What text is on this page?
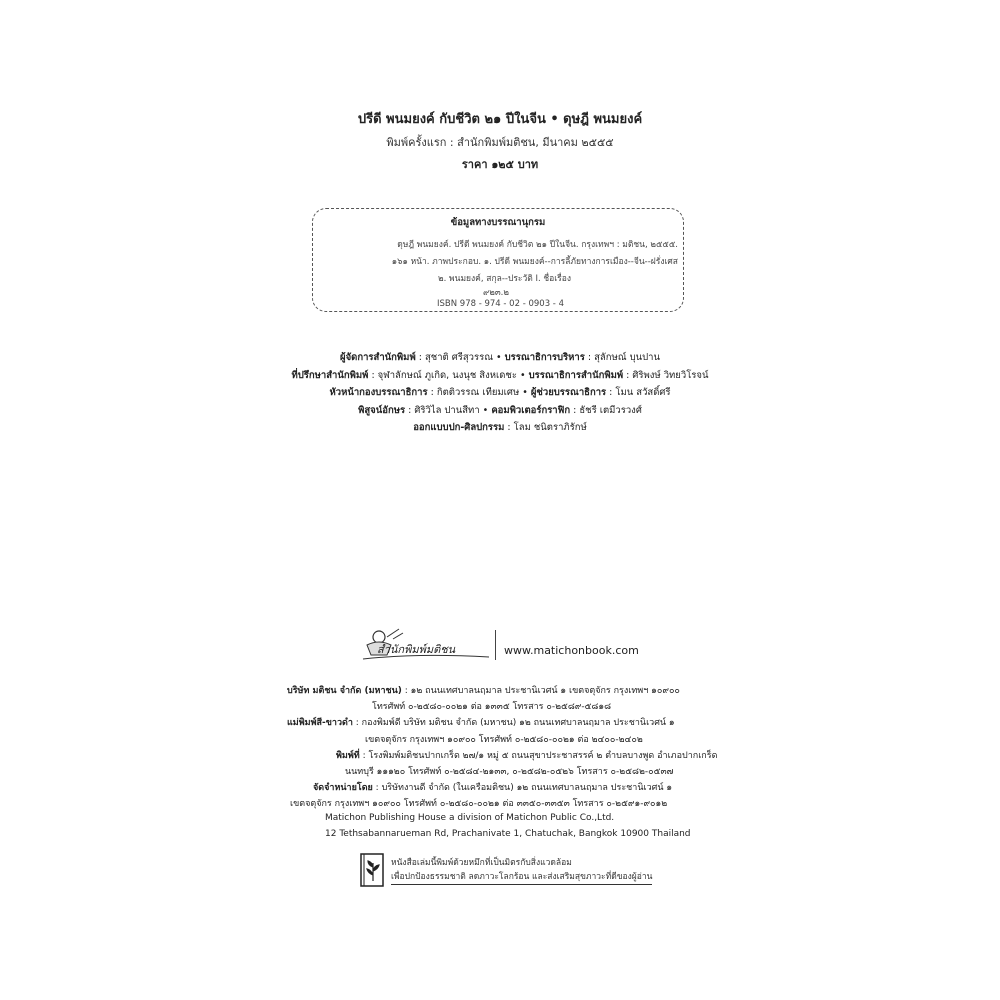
ปรีดี พนมยงค์ กับชีวิต ๒๑ ปีในจีน • ดุษฎี พนมยงค์
พิมพ์ครั้งแรก : สำนักพิมพ์มติชน, มีนาคม ๒๕๕๕
ราคา ๑๒๕ บาท
ข้อมูลทางบรรณานุกรม
ดุษฎี พนมยงค์. ปรีดี พนมยงค์ กับชีวิต ๒๑ ปีในจีน. กรุงเทพฯ : มติชน, ๒๕๕๕.
๑๖๑ หน้า. ภาพประกอบ. ๑. ปรีดี พนมยงค์--การลี้ภัยทางการเมือง--จีน--ฝรั่งเศส
๒. พนมยงค์, สกุล--ประวัติ I. ชื่อเรื่อง
๙๒๓.๒
ISBN 978 - 974 - 02 - 0903 - 4
ผู้จัดการสำนักพิมพ์ : สุชาติ ศรีสุวรรณ • บรรณาธิการบริหาร : สุลักษณ์ บุนปาน
ที่ปรึกษาสำนักพิมพ์ : จุฬาลักษณ์ ภูเกิด, นงนุช สิงหเดชะ • บรรณาธิการสำนักพิมพ์ : ศิริพงษ์ วิทยวิโรจน์
หัวหน้ากองบรรณาธิการ : กิตติวรรณ เทียมเศษ • ผู้ช่วยบรรณาธิการ : โมน สวัสดิ์ศรี
พิสูจน์อักษร : ศิริวิไล ปานสีทา • คอมพิวเตอร์กราฟิก : ธัชรี เตมีวรวงศ์
ออกแบบปก-ศิลปกรรม : โลม ชนิตราภิรักษ์
สำนักพิมพ์มติชน	www.matichonbook.com
บริษัท มติชน จำกัด (มหาชน) : ๑๒ ถนนเทศบาลนฤมาล ประชานิเวศน์ ๑ เขตจตุจักร กรุงเทพฯ ๑๐๙๐๐
โทรศัพท์ ๐-๒๕๘๐-๐๐๒๑ ต่อ ๑๓๓๕ โทรสาร ๐-๒๕๘๙-๕๘๑๘
แม่พิมพ์สี-ขาวดำ : กองพิมพ์ดี บริษัท มติชน จำกัด (มหาชน) ๑๒ ถนนเทศบาลนฤมาล ประชานิเวศน์ ๑
เขตจตุจักร กรุงเทพฯ ๑๐๙๐๐ โทรศัพท์ ๐-๒๕๘๐-๐๐๒๑ ต่อ ๒๔๐๐-๒๔๐๒
พิมพ์ที่ : โรงพิมพ์มติชนปากเกร็ด ๒๗/๑ หมู่ ๕ ถนนสุขาประชาสรรค์ ๒ ตำบลบางพูด อำเภอปากเกร็ด
นนทบุรี ๑๑๑๒๐ โทรศัพท์ ๐-๒๕๘๔-๒๑๓๓, ๐-๒๕๘๒-๐๕๒๖ โทรสาร ๐-๒๕๘๒-๐๕๓๗
จัดจำหน่ายโดย : บริษัทงานดี จำกัด (ในเครือมติชน) ๑๒ ถนนเทศบาลนฤมาล ประชานิเวศน์ ๑
เขตจตุจักร กรุงเทพฯ ๑๐๙๐๐ โทรศัพท์ ๐-๒๕๘๐-๐๐๒๑ ต่อ ๓๓๕๐-๓๓๕๓ โทรสาร ๐-๒๕๙๑-๙๐๑๒
Matichon Publishing House a division of Matichon Public Co.,Ltd.
12 Tethsabannarueman Rd, Prachanivate 1, Chatuchak, Bangkok 10900 Thailand
หนังสือเล่มนี้พิมพ์ด้วยหมึกที่เป็นมิตรกับสิ่งแวดล้อม
เพื่อปกป้องธรรมชาติ ลดภาวะโลกร้อน และส่งเสริมสุขภาวะที่ดีของผู้อ่าน
